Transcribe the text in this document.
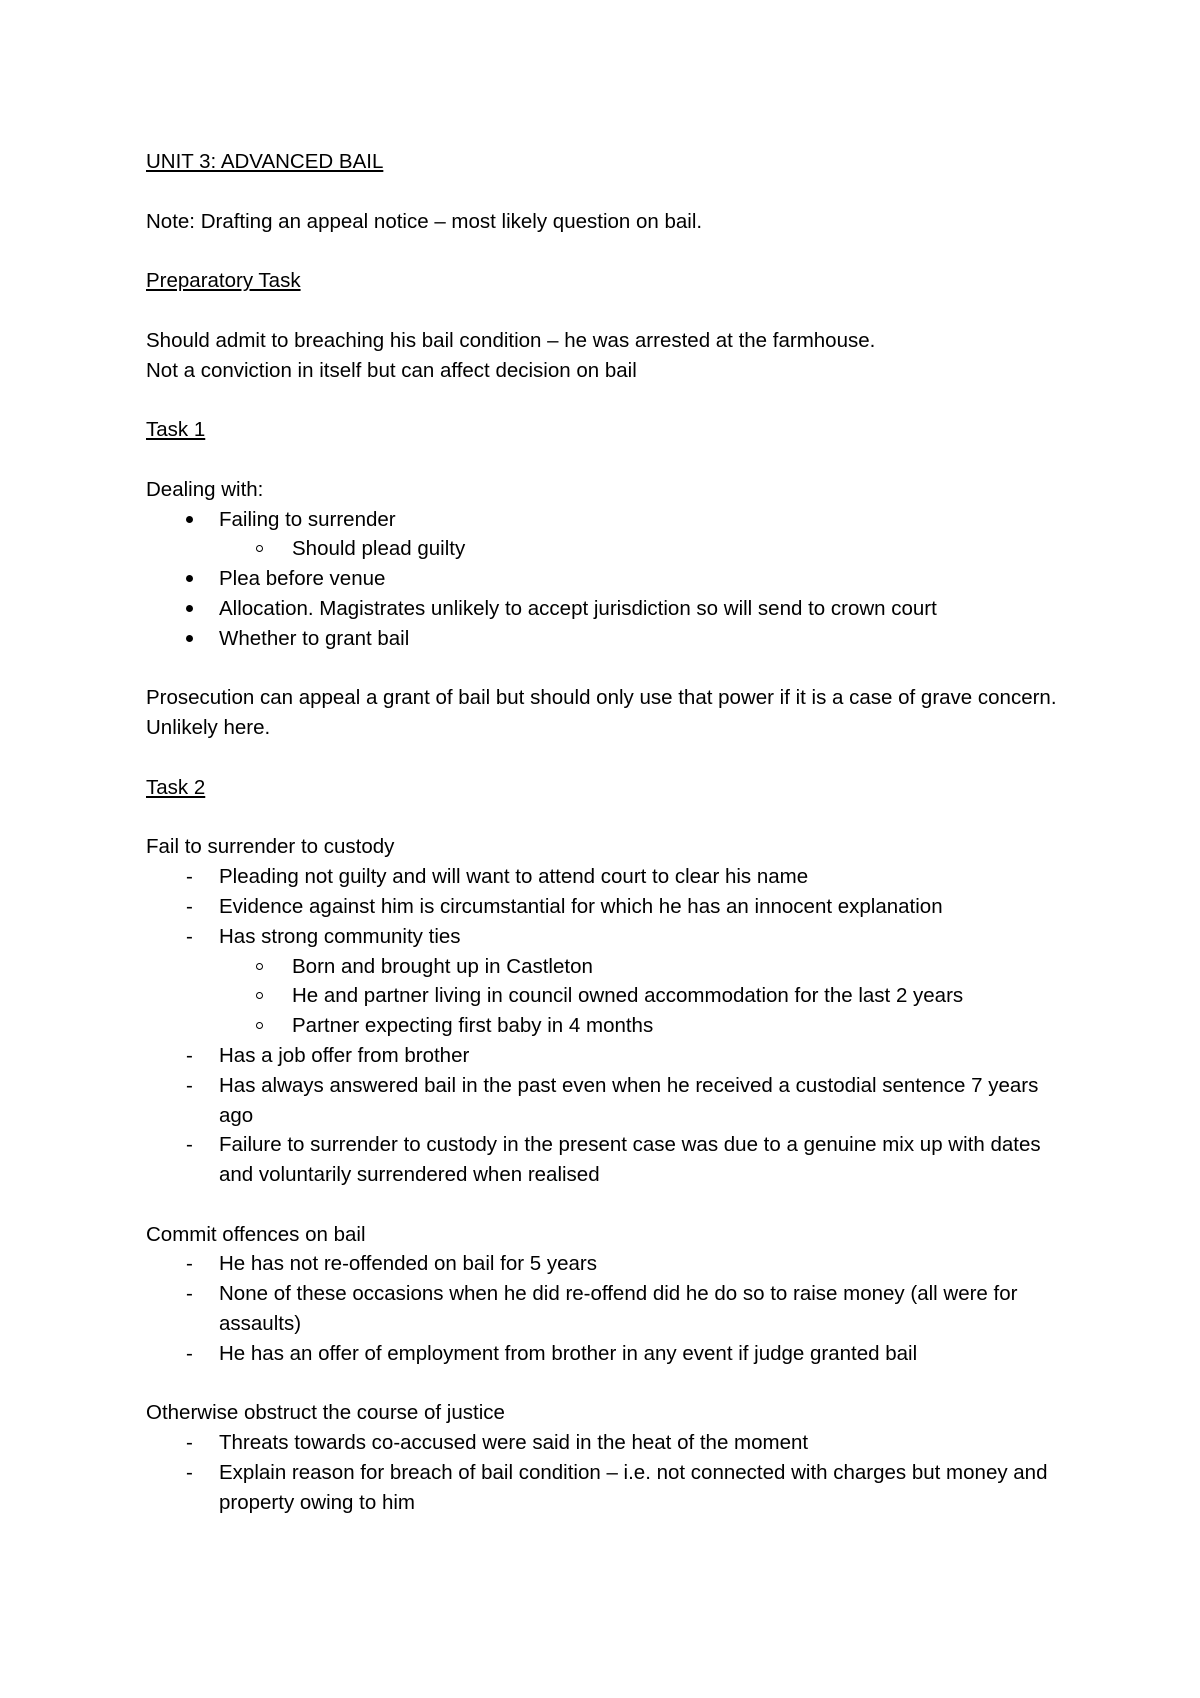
UNIT 3: ADVANCED BAIL

Note: Drafting an appeal notice – most likely question on bail.

Preparatory Task

Should admit to breaching his bail condition – he was arrested at the farmhouse.

Not a conviction in itself but can affect decision on bail

Task 1

Dealing with:

Failing to surrender
Should plead guilty
Plea before venue
Allocation. Magistrates unlikely to accept jurisdiction so will send to crown court
Whether to grant bail

Prosecution can appeal a grant of bail but should only use that power if it is a case of grave concern. Unlikely here.

Task 2

Fail to surrender to custody

Pleading not guilty and will want to attend court to clear his name
Evidence against him is circumstantial for which he has an innocent explanation
Has strong community ties
Born and brought up in Castleton
He and partner living in council owned accommodation for the last 2 years
Partner expecting first baby in 4 months
Has a job offer from brother
Has always answered bail in the past even when he received a custodial sentence 7 years ago
Failure to surrender to custody in the present case was due to a genuine mix up with dates and voluntarily surrendered when realised

Commit offences on bail

He has not re-offended on bail for 5 years
None of these occasions when he did re-offend did he do so to raise money (all were for assaults)
He has an offer of employment from brother in any event if judge granted bail

Otherwise obstruct the course of justice

Threats towards co-accused were said in the heat of the moment
Explain reason for breach of bail condition – i.e. not connected with charges but money and property owing to him
